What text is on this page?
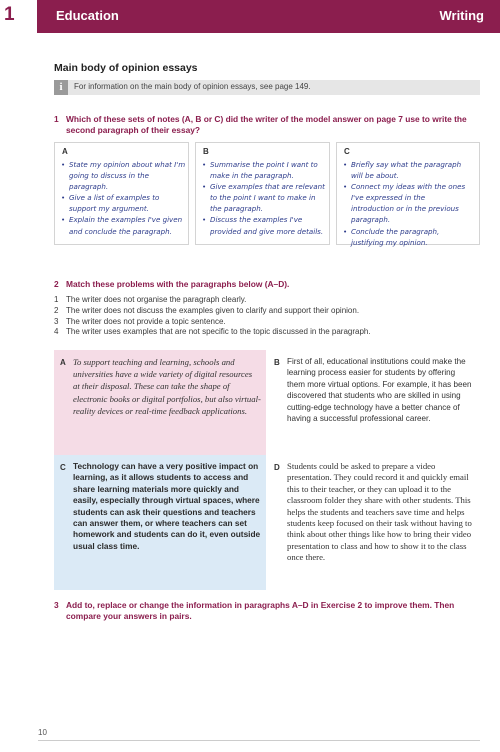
1	Education	Writing
Main body of opinion essays
i	For information on the main body of opinion essays, see page 149.
1 Which of these sets of notes (A, B or C) did the writer of the model answer on page 7 use to write the second paragraph of their essay?
A
• State my opinion about what I'm going to discuss in the paragraph.
• Give a list of examples to support my argument.
• Explain the examples I've given and conclude the paragraph.
B
• Summarise the point I want to make in the paragraph.
• Give examples that are relevant to the point I want to make in the paragraph.
• Discuss the examples I've provided and give more details.
C
• Briefly say what the paragraph will be about.
• Connect my ideas with the ones I've expressed in the introduction or in the previous paragraph.
• Conclude the paragraph, justifying my opinion.
2 Match these problems with the paragraphs below (A–D).
1 The writer does not organise the paragraph clearly.
2 The writer does not discuss the examples given to clarify and support their opinion.
3 The writer does not provide a topic sentence.
4 The writer uses examples that are not specific to the topic discussed in the paragraph.
A To support teaching and learning, schools and universities have a wide variety of digital resources at their disposal. These can take the shape of electronic books or digital portfolios, but also virtual-reality devices or real-time feedback applications.
B First of all, educational institutions could make the learning process easier for students by offering them more virtual options. For example, it has been discovered that students who are skilled in using cutting-edge technology have a better chance of having a successful professional career.
C Technology can have a very positive impact on learning, as it allows students to access and share learning materials more quickly and easily, especially through virtual spaces, where students can ask their questions and teachers can answer them, or where teachers can set homework and students can do it, even outside usual class time.
D Students could be asked to prepare a video presentation. They could record it and quickly email this to their teacher, or they can upload it to the classroom folder they share with other students. This helps the students and teachers save time and helps students keep focused on their task without having to think about other things like how to bring their video presentation to class and how to show it to the class once there.
3 Add to, replace or change the information in paragraphs A–D in Exercise 2 to improve them. Then compare your answers in pairs.
10
